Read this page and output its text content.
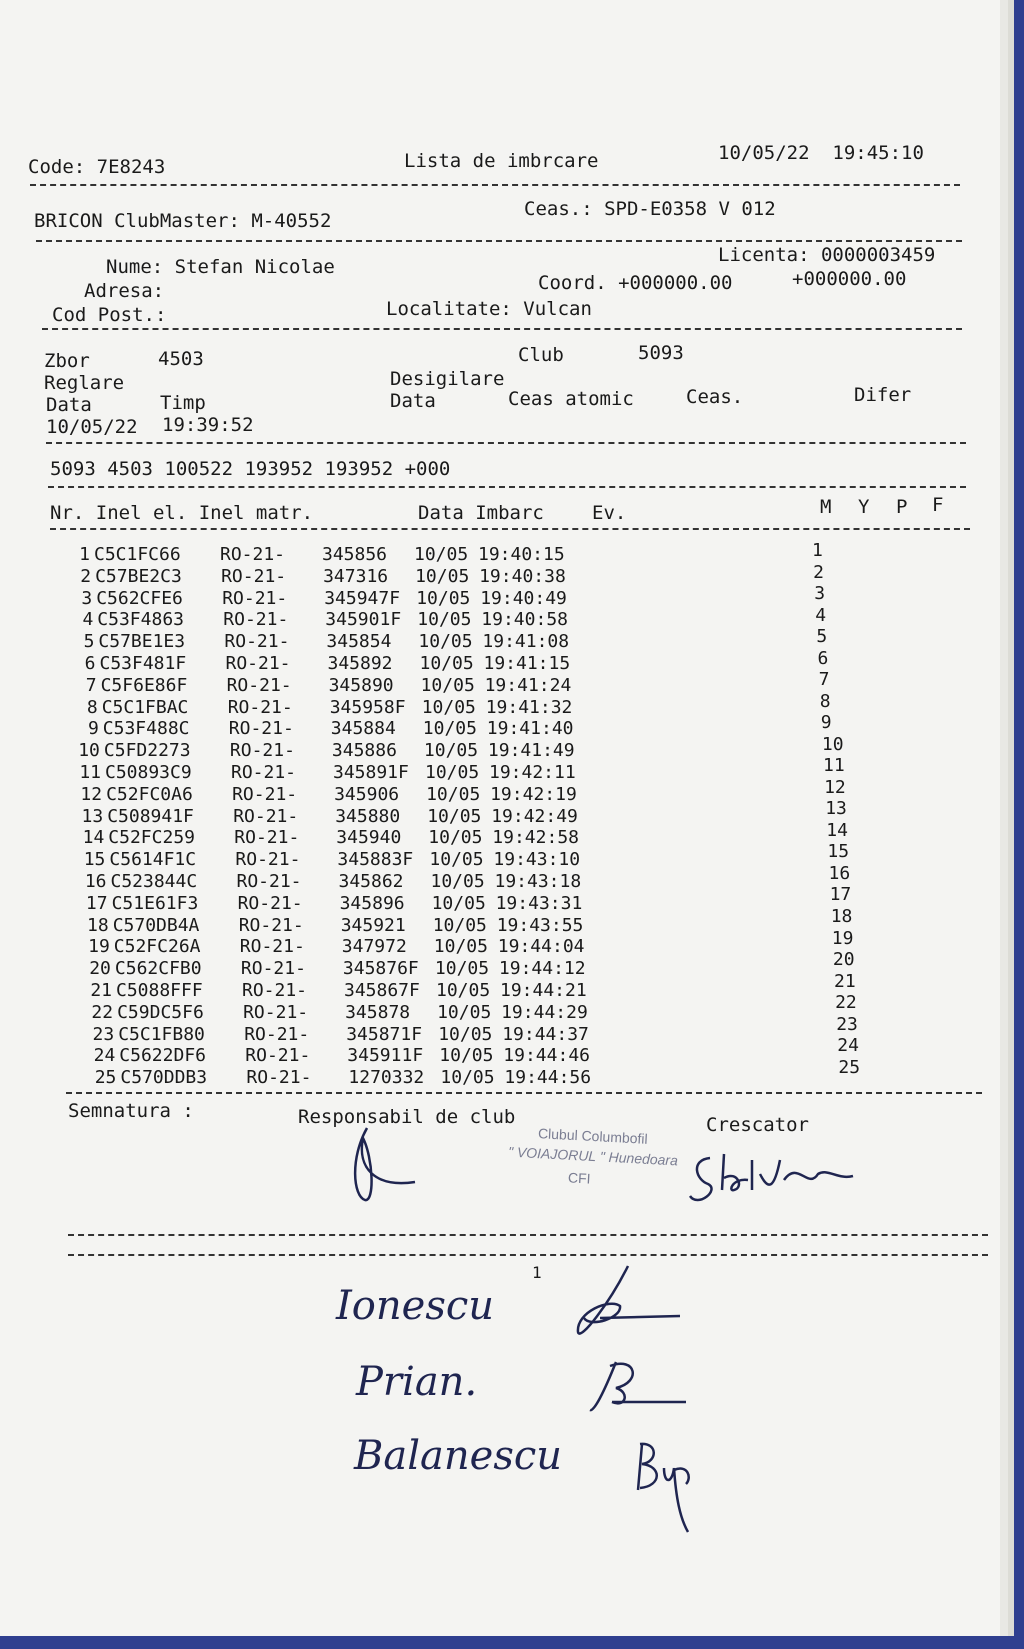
Code: 7E8243	Lista de imbrcare	10/05/22  19:45:10
BRICON ClubMaster: M-40552
Ceas.: SPD-E0358 V 012
Nume: Stefan Nicolae
Licenta: 0000003459
Adresa:	Coord. +000000.00	+000000.00
Cod Post.:	Localitate: Vulcan
Zbor	4503	Club	5093
Reglare	Desigilare
Data	Timp	Data	Ceas atomic	Ceas.	Difer
10/05/22 19:39:52
5093 4503 100522 193952 193952 +000
Nr. Inel el. Inel matr.	Data Imbarc	Ev.	M Y P F
1 C5C1FC66 RO-21- 345856 10/05 19:40:15	1
2 C57BE2C3 RO-21- 347316 10/05 19:40:38	2
3 C562CFE6 RO-21- 345947F 10/05 19:40:49	3
4 C53F4863 RO-21- 345901F 10/05 19:40:58	4
5 C57BE1E3 RO-21- 345854 10/05 19:41:08	5
6 C53F481F RO-21- 345892 10/05 19:41:15	6
7 C5F6E86F RO-21- 345890 10/05 19:41:24	7
8 C5C1FBAC RO-21- 345958F 10/05 19:41:32	8
9 C53F488C RO-21- 345884 10/05 19:41:40	9
10 C5FD2273 RO-21- 345886 10/05 19:41:49	10
11 C50893C9 RO-21- 345891F 10/05 19:42:11	11
12 C52FC0A6 RO-21- 345906 10/05 19:42:19	12
13 C508941F RO-21- 345880 10/05 19:42:49	13
14 C52FC259 RO-21- 345940 10/05 19:42:58	14
15 C5614F1C RO-21- 345883F 10/05 19:43:10	15
16 C523844C RO-21- 345862 10/05 19:43:18	16
17 C51E61F3 RO-21- 345896 10/05 19:43:31	17
18 C570DB4A RO-21- 345921 10/05 19:43:55	18
19 C52FC26A RO-21- 347972 10/05 19:44:04	19
20 C562CFB0 RO-21- 345876F 10/05 19:44:12	20
21 C5088FFF RO-21- 345867F 10/05 19:44:21	21
22 C59DC5F6 RO-21- 345878 10/05 19:44:29	22
23 C5C1FB80 RO-21- 345871F 10/05 19:44:37	23
24 C5622DF6 RO-21- 345911F 10/05 19:44:46	24
25 C570DDB3 RO-21- 1270332 10/05 19:44:56	25
Semnatura :	Responsabil de club	Crescator
Clubul Columbofil
" VOIAJORUL " Hunedoara
CFI
1
Ionescu
Prian.
Balanescu
